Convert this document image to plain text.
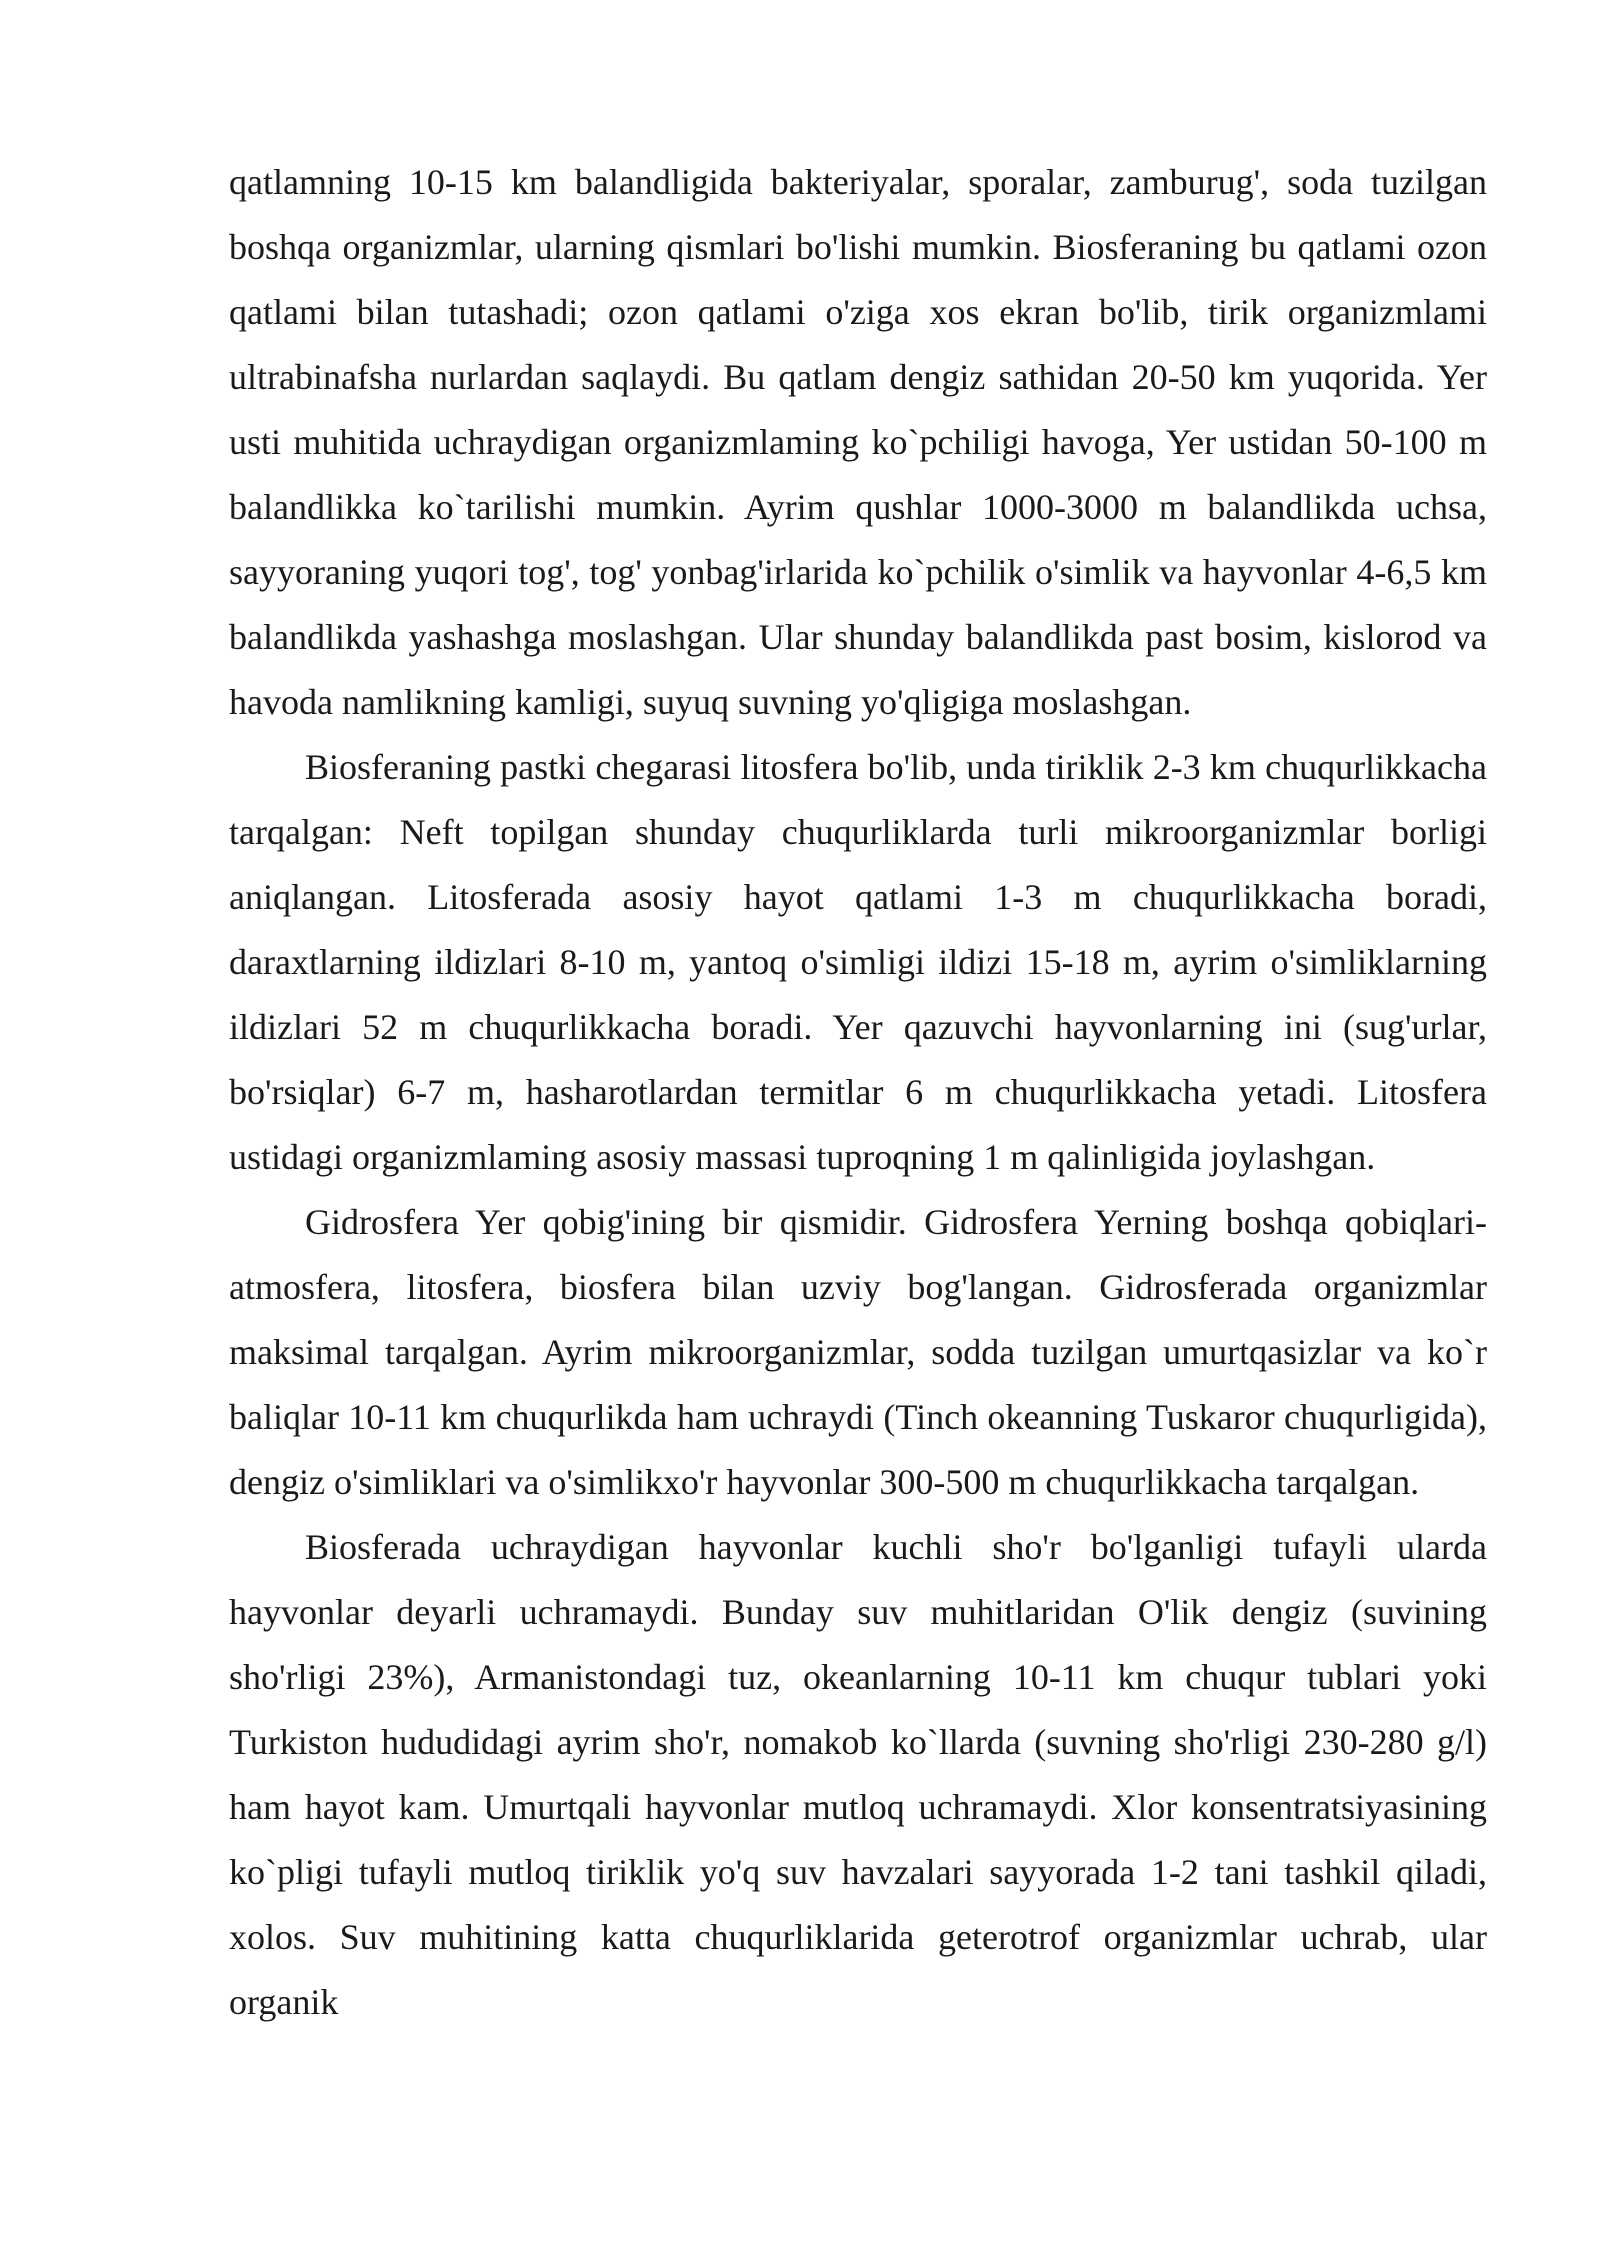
qatlamning 10-15 km balandligida bakteriyalar, sporalar, zamburug', soda tuzilgan boshqa organizmlar, ularning qismlari bo'lishi mumkin. Biosferaning bu qatlami ozon qatlami bilan tutashadi; ozon qatlami o'ziga xos ekran bo'lib, tirik organizmlami ultrabinafsha nurlardan saqlaydi. Bu qatlam dengiz sathidan 20-50 km yuqorida. Yer usti muhitida uchraydigan organizmlaming ko`pchiligi havoga, Yer ustidan 50-100 m balandlikka ko`tarilishi mumkin. Ayrim qushlar 1000-3000 m balandlikda uchsa, sayyoraning yuqori tog', tog' yonbag'irlarida ko`pchilik o'simlik va hayvonlar 4-6,5 km balandlikda yashashga moslashgan. Ular shunday balandlikda past bosim, kislorod va havoda namlikning kamligi, suyuq suvning yo'qligiga moslashgan.

Biosferaning pastki chegarasi litosfera bo'lib, unda tiriklik 2-3 km chuqurlikkacha tarqalgan: Neft topilgan shunday chuqurliklarda turli mikroorganizmlar borligi aniqlangan. Litosferada asosiy hayot qatlami 1-3 m chuqurlikkacha boradi, daraxtlarning ildizlari 8-10 m, yantoq o'simligi ildizi 15-18 m, ayrim o'simliklarning ildizlari 52 m chuqurlikkacha boradi. Yer qazuvchi hayvonlarning ini (sug'urlar, bo'rsiqlar) 6-7 m, hasharotlardan termitlar 6 m chuqurlikkacha yetadi. Litosfera ustidagi organizmlaming asosiy massasi tuproqning 1 m qalinligida joylashgan.

Gidrosfera Yer qobig'ining bir qismidir. Gidrosfera Yerning boshqa qobiqlari-atmosfera, litosfera, biosfera bilan uzviy bog'langan. Gidrosferada organizmlar maksimal tarqalgan. Ayrim mikroorganizmlar, sodda tuzilgan umurtqasizlar va ko`r baliqlar 10-11 km chuqurlikda ham uchraydi (Tinch okeanning Tuskaror chuqurligida), dengiz o'simliklari va o'simlikxo'r hayvonlar 300-500 m chuqurlikkacha tarqalgan.

Biosferada uchraydigan hayvonlar kuchli sho'r bo'lganligi tufayli ularda hayvonlar deyarli uchramaydi. Bunday suv muhitlaridan O'lik dengiz (suvining sho'rligi 23%), Armanistondagi tuz, okeanlarning 10-11 km chuqur tublari yoki Turkiston hududidagi ayrim sho'r, nomakob ko`llarda (suvning sho'rligi 230-280 g/l) ham hayot kam. Umurtqali hayvonlar mutloq uchramaydi. Xlor konsentratsiyasining ko`pligi tufayli mutloq tiriklik yo'q suv havzalari sayyorada 1-2 tani tashkil qiladi, xolos. Suv muhitining katta chuqurliklarida geterotrof organizmlar uchrab, ular organik
